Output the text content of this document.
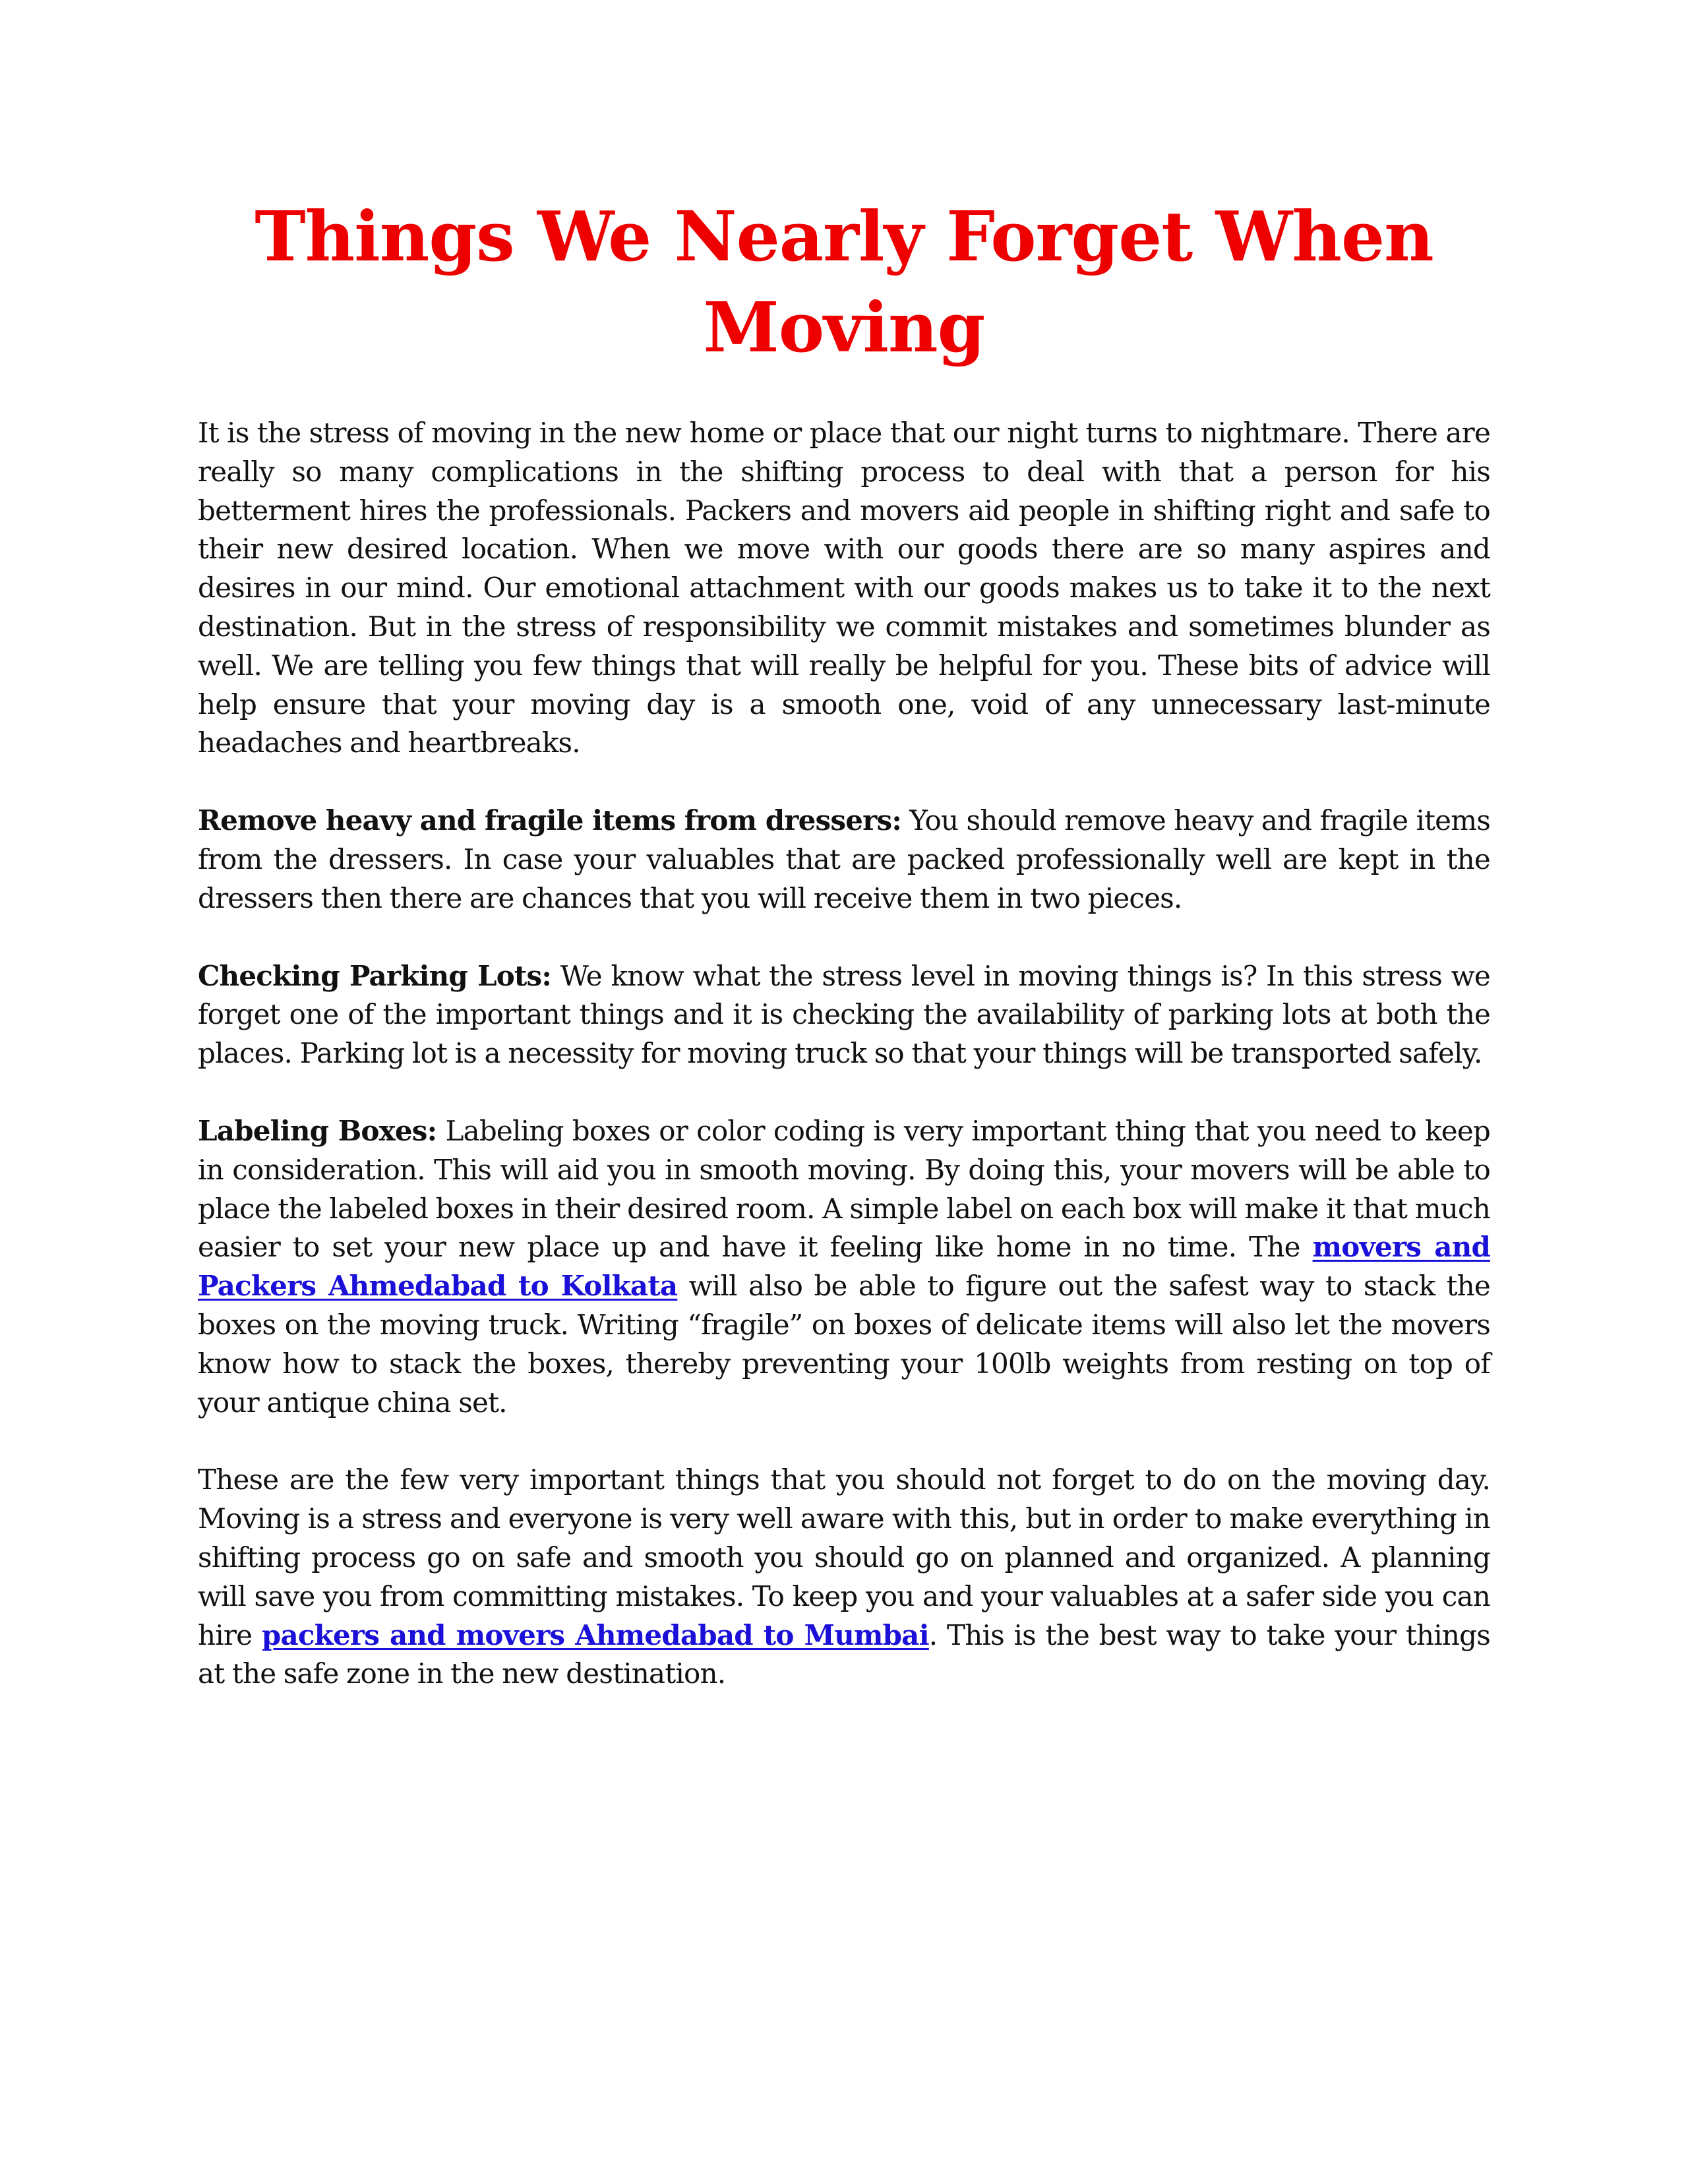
Things We Nearly Forget When Moving

It is the stress of moving in the new home or place that our night turns to nightmare. There are really so many complications in the shifting process to deal with that a person for his betterment hires the professionals. Packers and movers aid people in shifting right and safe to their new desired location. When we move with our goods there are so many aspires and desires in our mind. Our emotional attachment with our goods makes us to take it to the next destination. But in the stress of responsibility we commit mistakes and sometimes blunder as well. We are telling you few things that will really be helpful for you. These bits of advice will help ensure that your moving day is a smooth one, void of any unnecessary last-minute headaches and heartbreaks.

Remove heavy and fragile items from dressers: You should remove heavy and fragile items from the dressers. In case your valuables that are packed professionally well are kept in the dressers then there are chances that you will receive them in two pieces.

Checking Parking Lots: We know what the stress level in moving things is? In this stress we forget one of the important things and it is checking the availability of parking lots at both the places. Parking lot is a necessity for moving truck so that your things will be transported safely.

Labeling Boxes: Labeling boxes or color coding is very important thing that you need to keep in consideration. This will aid you in smooth moving. By doing this, your movers will be able to place the labeled boxes in their desired room. A simple label on each box will make it that much easier to set your new place up and have it feeling like home in no time. The movers and Packers Ahmedabad to Kolkata will also be able to figure out the safest way to stack the boxes on the moving truck. Writing “fragile” on boxes of delicate items will also let the movers know how to stack the boxes, thereby preventing your 100lb weights from resting on top of your antique china set.

These are the few very important things that you should not forget to do on the moving day. Moving is a stress and everyone is very well aware with this, but in order to make everything in shifting process go on safe and smooth you should go on planned and organized. A planning will save you from committing mistakes. To keep you and your valuables at a safer side you can hire packers and movers Ahmedabad to Mumbai. This is the best way to take your things at the safe zone in the new destination.
